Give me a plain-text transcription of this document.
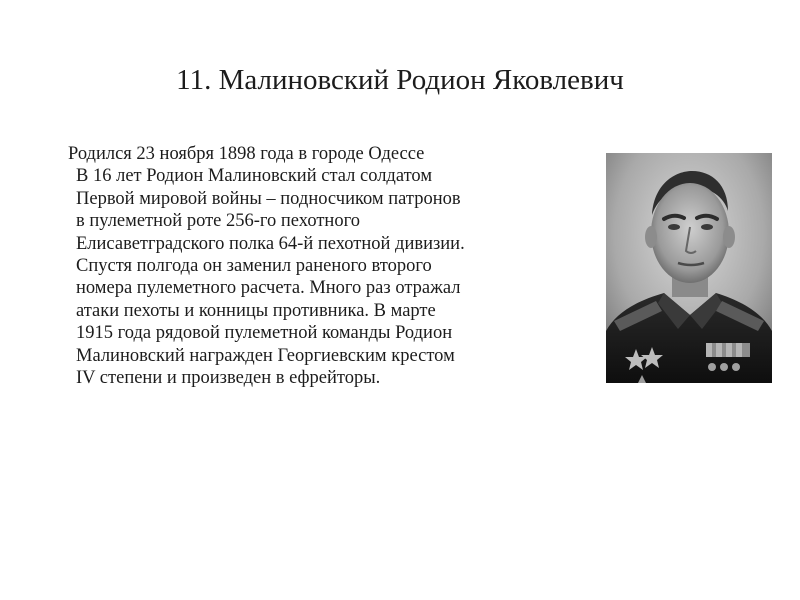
11. Малиновский Родион Яковлевич
Родился 23 ноября 1898 года в городе Одессе
В 16 лет Родион Малиновский стал солдатом
Первой мировой войны – подносчиком патронов
в пулеметной роте 256-го пехотного
Елисаветградского полка 64-й пехотной дивизии.
Спустя полгода он заменил раненого второго
номера пулеметного расчета. Много раз отражал
атаки пехоты и конницы противника. В марте
1915 года рядовой пулеметной команды Родион
Малиновский награжден Георгиевским крестом
IV степени и произведен в ефрейторы.
